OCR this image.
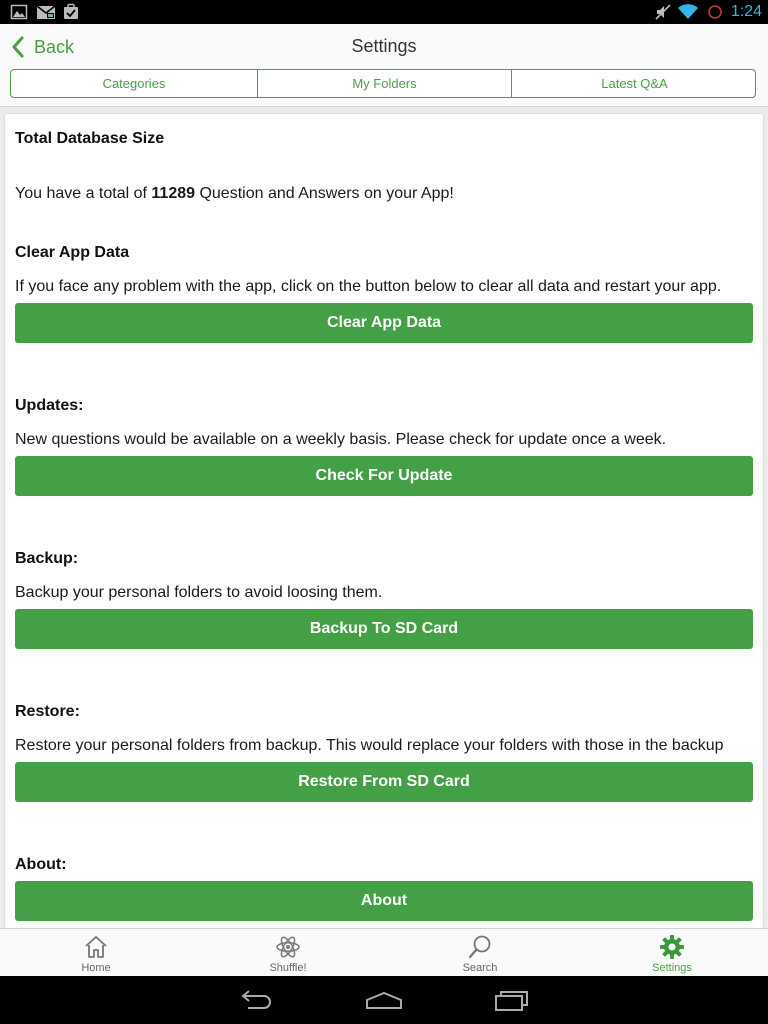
1:24
Back	Settings
Categories	My Folders	Latest Q&A
Total Database Size
You have a total of 11289 Question and Answers on your App!
Clear App Data
If you face any problem with the app, click on the button below to clear all data and restart your app.
Clear App Data
Updates:
New questions would be available on a weekly basis. Please check for update once a week.
Check For Update
Backup:
Backup your personal folders to avoid loosing them.
Backup To SD Card
Restore:
Restore your personal folders from backup. This would replace your folders with those in the backup
Restore From SD Card
About:
About
Home	Shuffle!	Search	Settings
